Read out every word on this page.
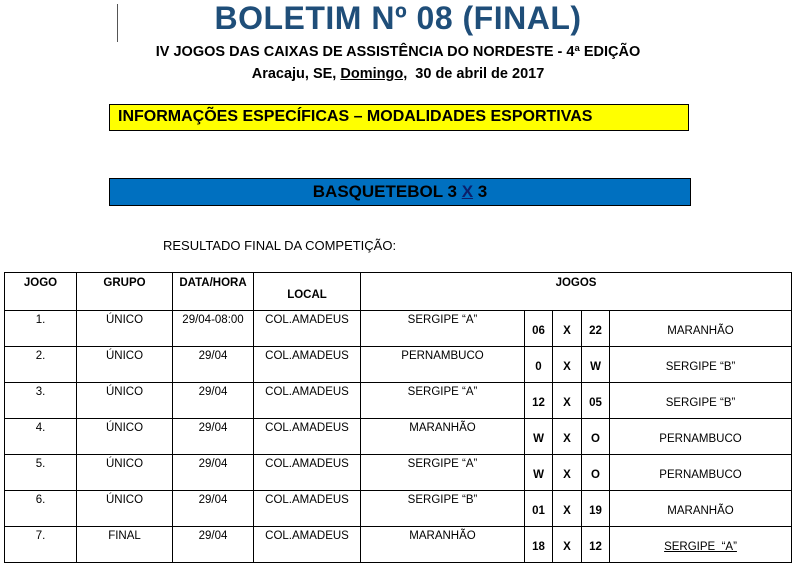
BOLETIM Nº 08 (FINAL)
IV JOGOS DAS CAIXAS DE ASSISTÊNCIA DO NORDESTE - 4ª EDIÇÃO
Aracaju, SE, Domingo,  30 de abril de 2017
INFORMAÇÕES ESPECÍFICAS – MODALIDADES ESPORTIVAS
BASQUETEBOL 3 X 3
RESULTADO FINAL DA COMPETIÇÃO:
JOGO	GRUPO	DATA/HORA	LOCAL	JOGOS				
1.	ÚNICO	29/04-08:00	COL.AMADEUS	SERGIPE “A”	06	X	22	MARANHÃO
2.	ÚNICO	29/04	COL.AMADEUS	PERNAMBUCO	0	X	W	SERGIPE “B”
3.	ÚNICO	29/04	COL.AMADEUS	SERGIPE “A”	12	X	05	SERGIPE “B”
4.	ÚNICO	29/04	COL.AMADEUS	MARANHÃO	W	X	O	PERNAMBUCO
5.	ÚNICO	29/04	COL.AMADEUS	SERGIPE “A”	W	X	O	PERNAMBUCO
6.	ÚNICO	29/04	COL.AMADEUS	SERGIPE “B”	01	X	19	MARANHÃO
7.	FINAL	29/04	COL.AMADEUS	MARANHÃO	18	X	12	SERGIPE  “A”
